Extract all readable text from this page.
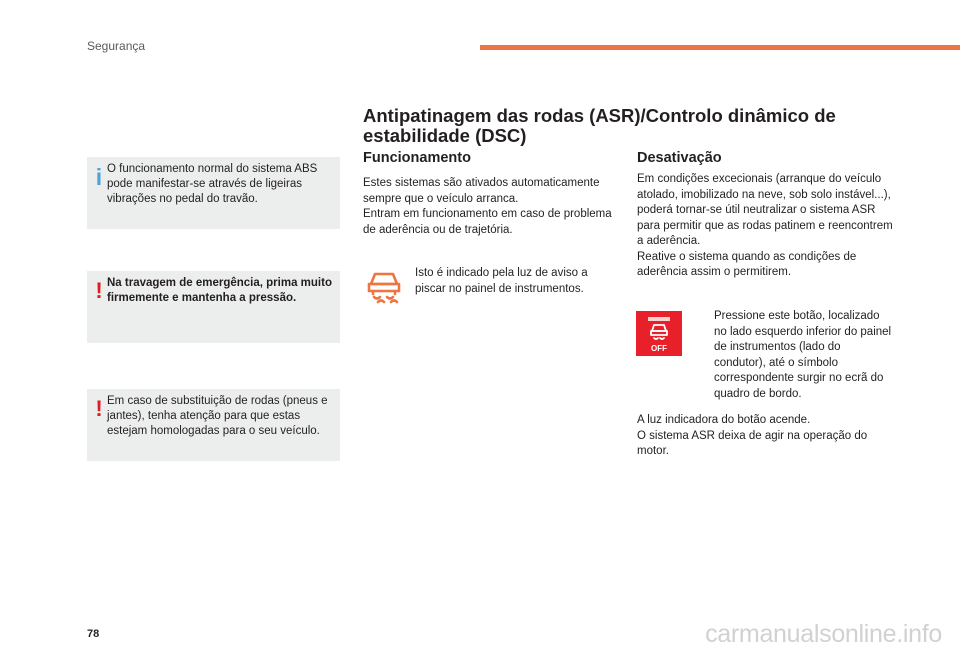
Segurança
i O funcionamento normal do sistema ABS pode manifestar-se através de ligeiras vibrações no pedal do travão.
! Na travagem de emergência, prima muito firmemente e mantenha a pressão.
! Em caso de substituição de rodas (pneus e jantes), tenha atenção para que estas estejam homologadas para o seu veículo.
Antipatinagem das rodas (ASR)/Controlo dinâmico de estabilidade (DSC)
Funcionamento
Estes sistemas são ativados automaticamente sempre que o veículo arranca.
Entram em funcionamento em caso de problema de aderência ou de trajetória.
Isto é indicado pela luz de aviso a piscar no painel de instrumentos.
Desativação
Em condições excecionais (arranque do veículo atolado, imobilizado na neve, sob solo instável...), poderá tornar-se útil neutralizar o sistema ASR para permitir que as rodas patinem e reencontrem a aderência.
Reative o sistema quando as condições de aderência assim o permitirem.
OFF
Pressione este botão, localizado no lado esquerdo inferior do painel de instrumentos (lado do condutor), até o símbolo correspondente surgir no ecrã do quadro de bordo.
A luz indicadora do botão acende.
O sistema ASR deixa de agir na operação do motor.
78	carmanualsonline.info
